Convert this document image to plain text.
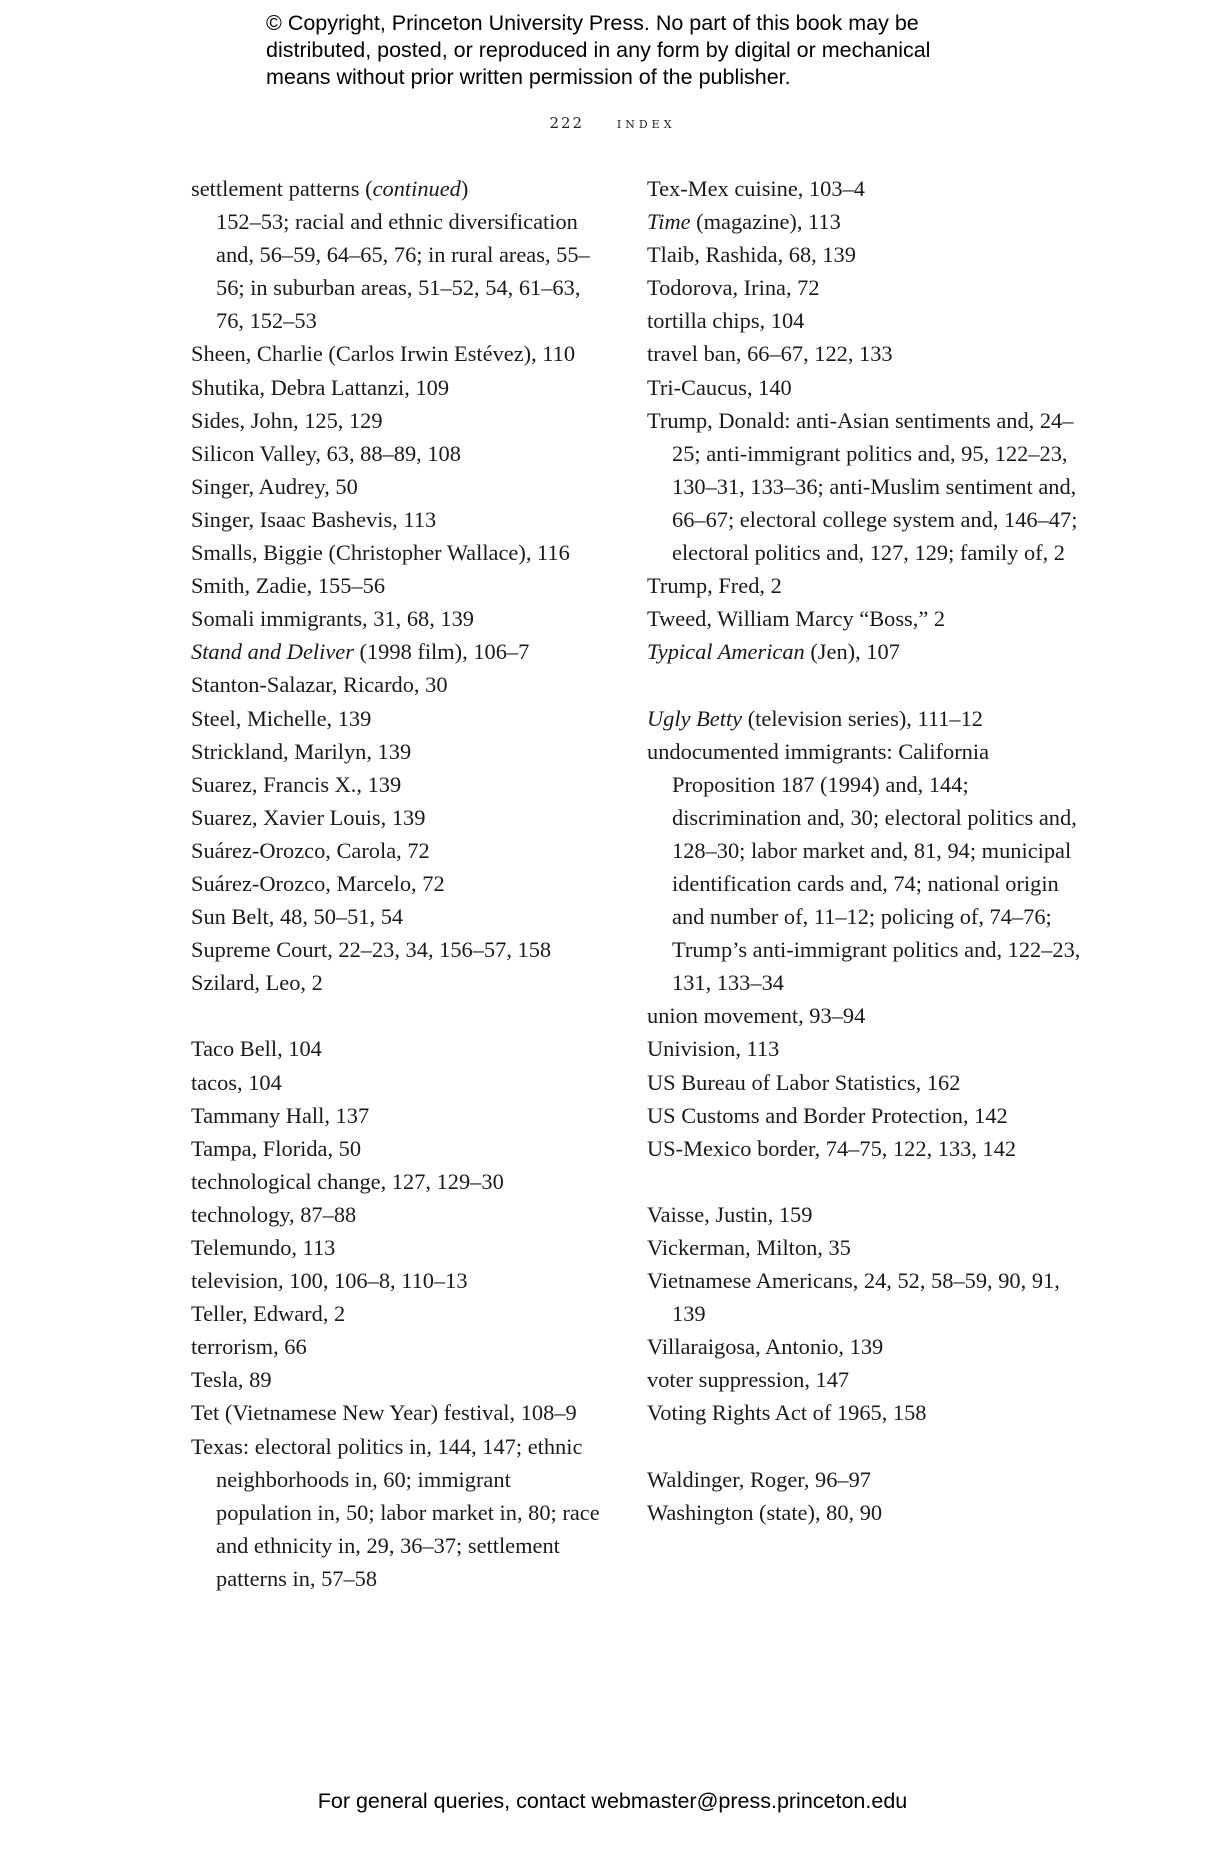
© Copyright, Princeton University Press. No part of this book may be
distributed, posted, or reproduced in any form by digital or mechanical
means without prior written permission of the publisher.
222 index

settlement patterns (continued)

152–53; racial and ethnic diversification and, 56–59, 64–65, 76; in rural areas, 55–56; in suburban areas, 51–52, 54, 61–63, 76, 152–53

Sheen, Charlie (Carlos Irwin Estévez), 110

Shutika, Debra Lattanzi, 109

Sides, John, 125, 129

Silicon Valley, 63, 88–89, 108

Singer, Audrey, 50

Singer, Isaac Bashevis, 113

Smalls, Biggie (Christopher Wallace), 116

Smith, Zadie, 155–56

Somali immigrants, 31, 68, 139

Stand and Deliver (1998 film), 106–7

Stanton-Salazar, Ricardo, 30

Steel, Michelle, 139

Strickland, Marilyn, 139

Suarez, Francis X., 139

Suarez, Xavier Louis, 139

Suárez-Orozco, Carola, 72

Suárez-Orozco, Marcelo, 72

Sun Belt, 48, 50–51, 54

Supreme Court, 22–23, 34, 156–57, 158

Szilard, Leo, 2

Taco Bell, 104

tacos, 104

Tammany Hall, 137

Tampa, Florida, 50

technological change, 127, 129–30

technology, 87–88

Telemundo, 113

television, 100, 106–8, 110–13

Teller, Edward, 2

terrorism, 66

Tesla, 89

Tet (Vietnamese New Year) festival, 108–9

Texas: electoral politics in, 144, 147; ethnic neighborhoods in, 60; immigrant population in, 50; labor market in, 80; race and ethnicity in, 29, 36–37; settlement patterns in, 57–58

Tex-Mex cuisine, 103–4

Time (magazine), 113

Tlaib, Rashida, 68, 139

Todorova, Irina, 72

tortilla chips, 104

travel ban, 66–67, 122, 133

Tri-Caucus, 140

Trump, Donald: anti-Asian sentiments and, 24–25; anti-immigrant politics and, 95, 122–23, 130–31, 133–36; anti-Muslim sentiment and, 66–67; electoral college system and, 146–47; electoral politics and, 127, 129; family of, 2

Trump, Fred, 2

Tweed, William Marcy “Boss,” 2

Typical American (Jen), 107

Ugly Betty (television series), 111–12

undocumented immigrants: California Proposition 187 (1994) and, 144; discrimination and, 30; electoral politics and, 128–30; labor market and, 81, 94; municipal identification cards and, 74; national origin and number of, 11–12; policing of, 74–76; Trump’s anti-immigrant politics and, 122–23, 131, 133–34

union movement, 93–94

Univision, 113

US Bureau of Labor Statistics, 162

US Customs and Border Protection, 142

US-Mexico border, 74–75, 122, 133, 142

Vaisse, Justin, 159

Vickerman, Milton, 35

Vietnamese Americans, 24, 52, 58–59, 90, 91, 139

Villaraigosa, Antonio, 139

voter suppression, 147

Voting Rights Act of 1965, 158

Waldinger, Roger, 96–97

Washington (state), 80, 90

For general queries, contact webmaster@press.princeton.edu
